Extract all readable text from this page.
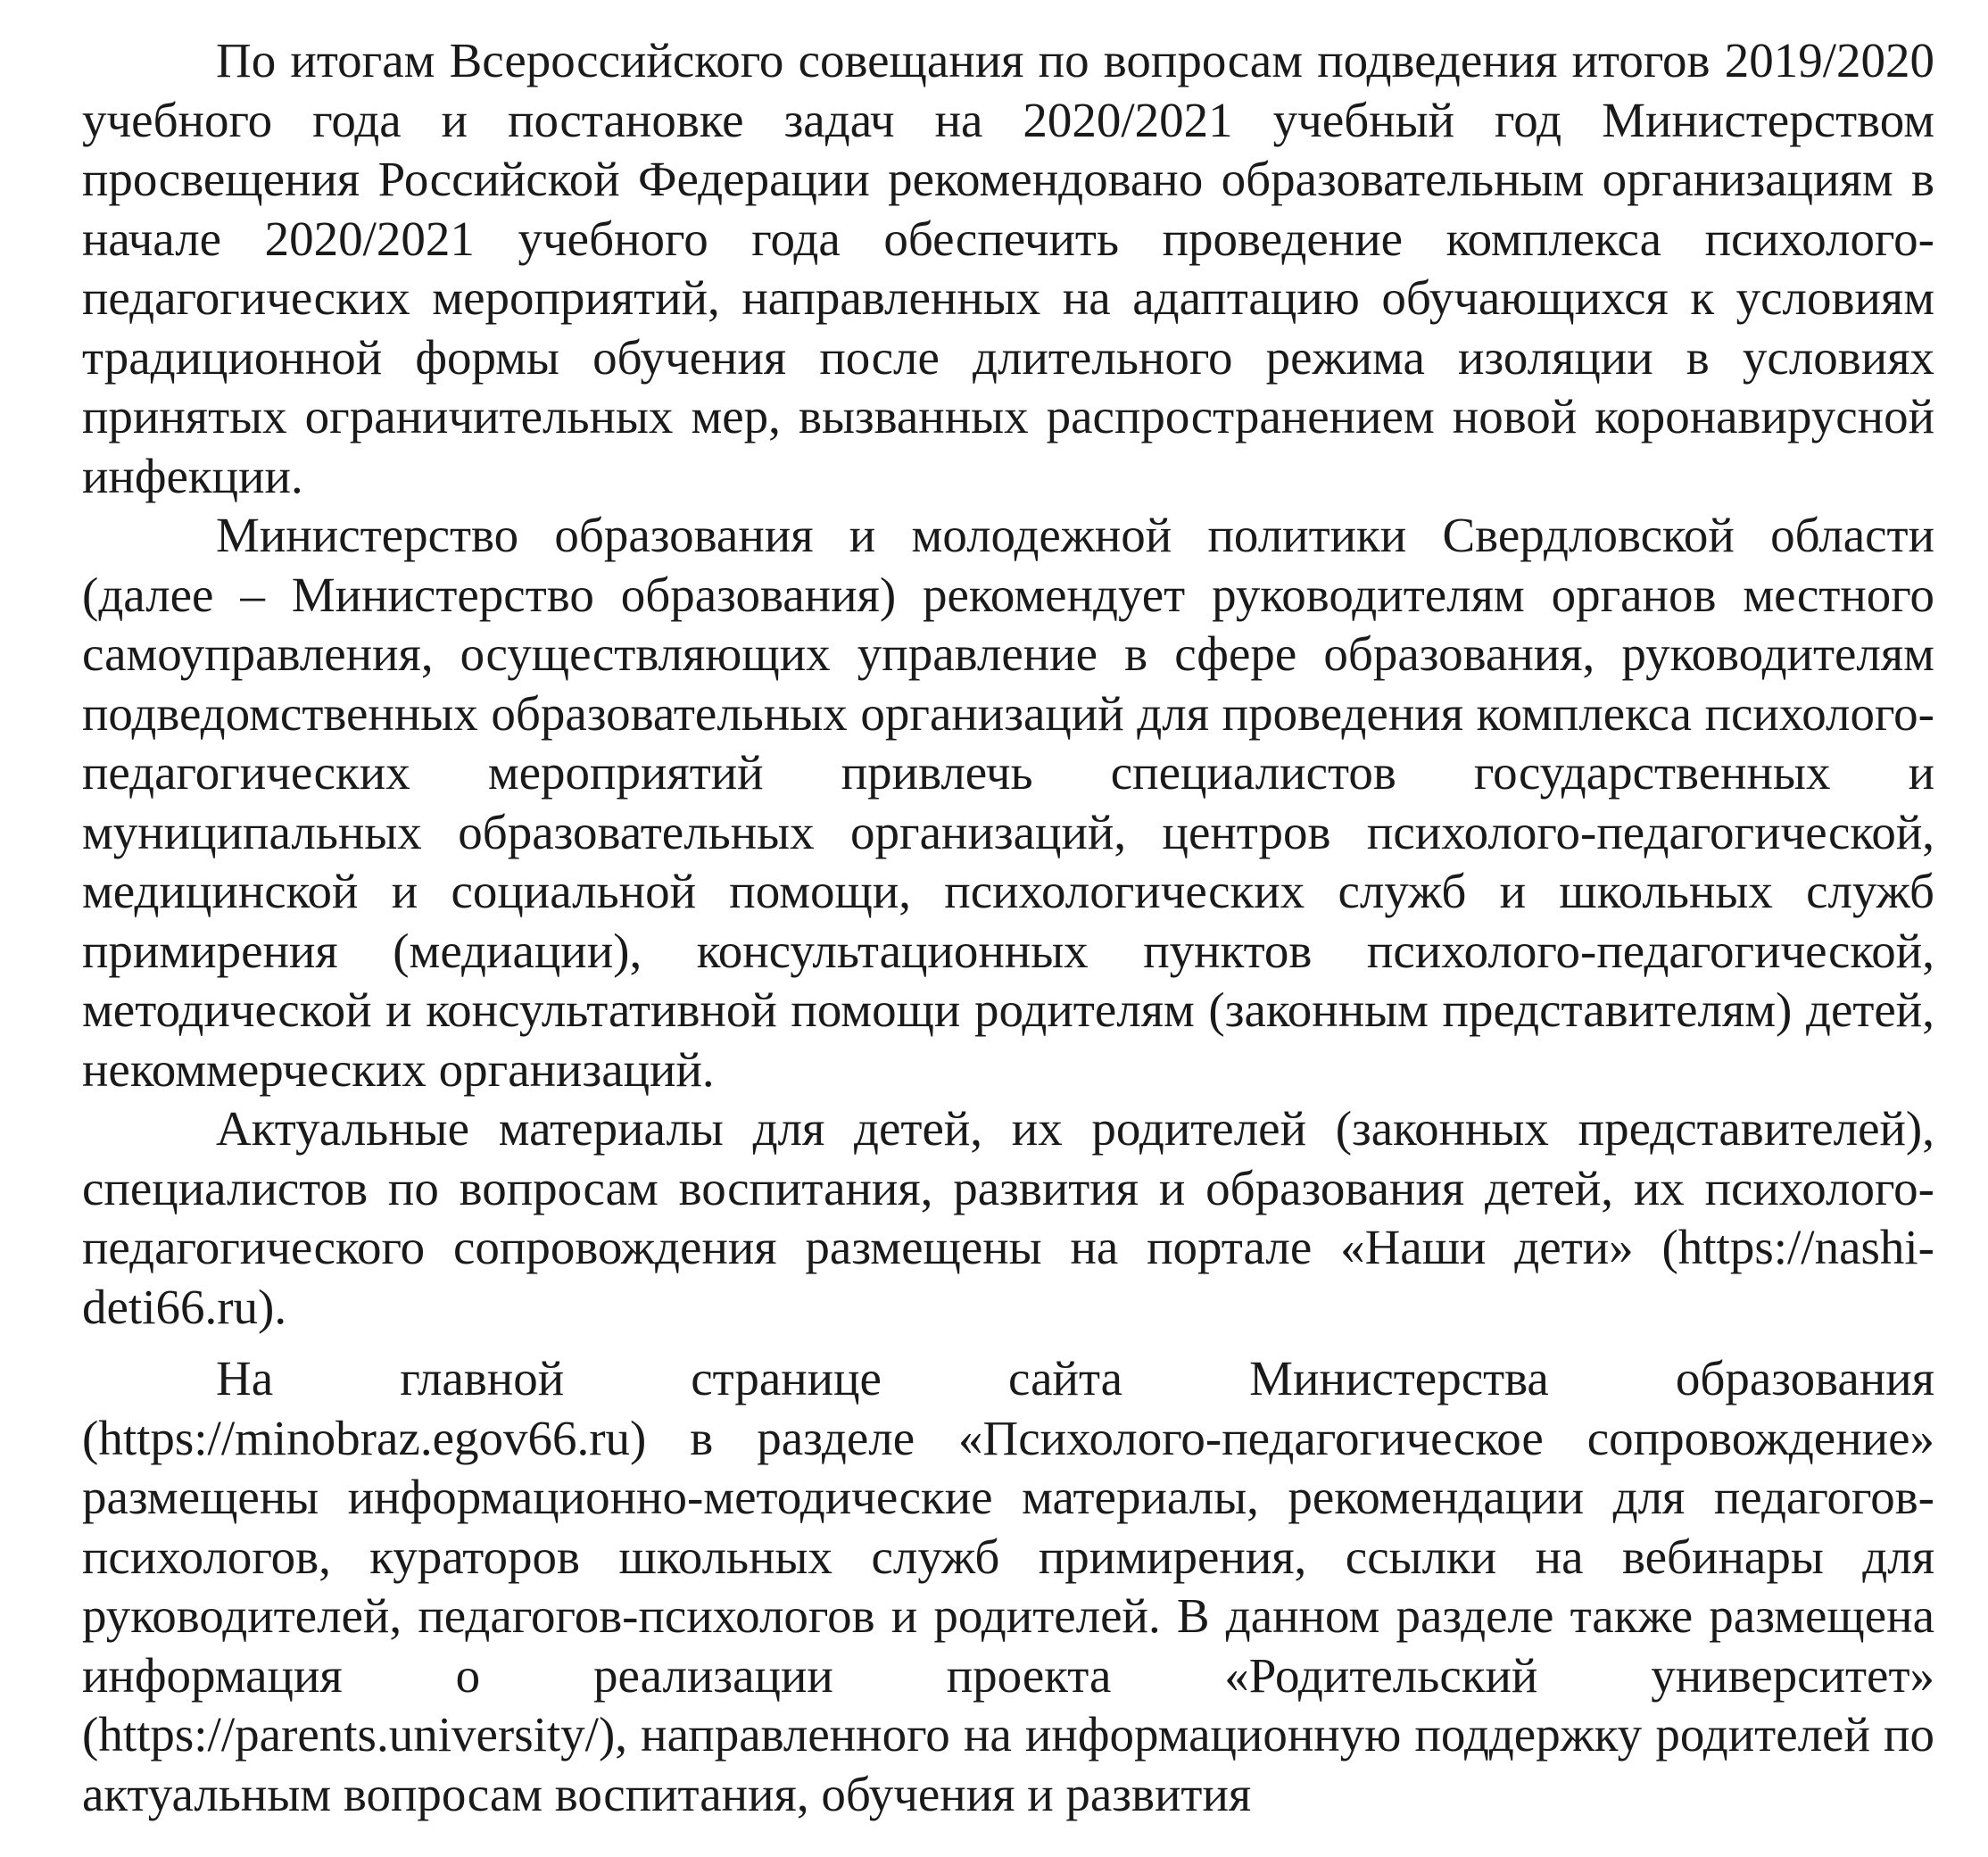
По итогам Всероссийского совещания по вопросам подведения итогов 2019/2020 учебного года и постановке задач на 2020/2021 учебный год Министерством просвещения Российской Федерации рекомендовано образовательным организациям в начале 2020/2021 учебного года обеспечить проведение комплекса психолого-педагогических мероприятий, направленных на адаптацию обучающихся к условиям традиционной формы обучения после длительного режима изоляции в условиях принятых ограничительных мер, вызванных распространением новой коронавирусной инфекции.

Министерство образования и молодежной политики Свердловской области (далее – Министерство образования) рекомендует руководителям органов местного самоуправления, осуществляющих управление в сфере образования, руководителям подведомственных образовательных организаций для проведения комплекса психолого-педагогических мероприятий привлечь специалистов государственных и муниципальных образовательных организаций, центров психолого-педагогической, медицинской и социальной помощи, психологических служб и школьных служб примирения (медиации), консультационных пунктов психолого-педагогической, методической и консультативной помощи родителям (законным представителям) детей, некоммерческих организаций.

Актуальные материалы для детей, их родителей (законных представителей), специалистов по вопросам воспитания, развития и образования детей, их психолого-педагогического сопровождения размещены на портале «Наши дети» (https://nashi-deti66.ru).

На главной странице сайта Министерства образования (https://minobraz.egov66.ru) в разделе «Психолого-педагогическое сопровождение» размещены информационно-методические материалы, рекомендации для педагогов-психологов, кураторов школьных служб примирения, ссылки на вебинары для руководителей, педагогов-психологов и родителей. В данном разделе также размещена информация о реализации проекта «Родительский университет» (https://parents.university/), направленного на информационную поддержку родителей по актуальным вопросам воспитания, обучения и развития
